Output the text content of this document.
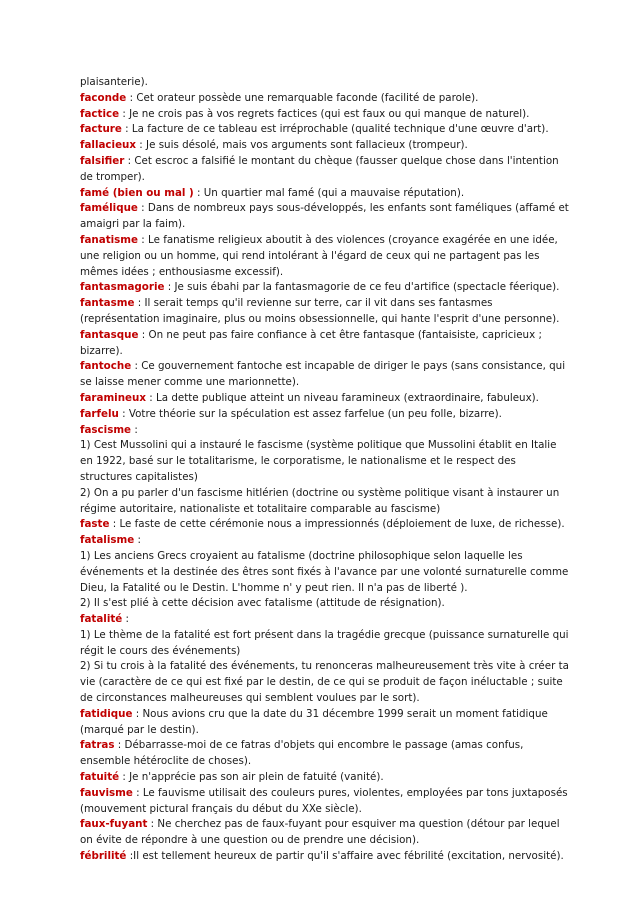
plaisanterie).

faconde : Cet orateur possède une remarquable faconde (facilité de parole).

factice : Je ne crois pas à vos regrets factices (qui est faux ou qui manque de naturel).

facture : La facture de ce tableau est irréprochable (qualité technique d'une œuvre d'art).

fallacieux : Je suis désolé, mais vos arguments sont fallacieux (trompeur).

falsifier : Cet escroc a falsifié le montant du chèque (fausser quelque chose dans l'intention de tromper).

famé (bien ou mal ) : Un quartier mal famé (qui a mauvaise réputation).

famélique : Dans de nombreux pays sous-développés, les enfants sont faméliques (affamé et amaigri par la faim).

fanatisme : Le fanatisme religieux aboutit à des violences (croyance exagérée en une idée, une religion ou un homme, qui rend intolérant à l'égard de ceux qui ne partagent pas les mêmes idées ; enthousiasme excessif).

fantasmagorie : Je suis ébahi par la fantasmagorie de ce feu d'artifice (spectacle féerique).

fantasme : Il serait temps qu'il revienne sur terre, car il vit dans ses fantasmes (représentation imaginaire, plus ou moins obsessionnelle, qui hante l'esprit d'une personne).

fantasque : On ne peut pas faire confiance à cet être fantasque (fantaisiste, capricieux ; bizarre).

fantoche : Ce gouvernement fantoche est incapable de diriger le pays (sans consistance, qui se laisse mener comme une marionnette).

faramineux : La dette publique atteint un niveau faramineux (extraordinaire, fabuleux).

farfelu : Votre théorie sur la spéculation est assez farfelue (un peu folle, bizarre).

fascisme :

1) Cest Mussolini qui a instauré le fascisme (système politique que Mussolini établit en Italie en 1922, basé sur le totalitarisme, le corporatisme, le nationalisme et le respect des structures capitalistes)

2) On a pu parler d'un fascisme hitlérien (doctrine ou système politique visant à instaurer un régime autoritaire, nationaliste et totalitaire comparable au fascisme)

faste : Le faste de cette cérémonie nous a impressionnés (déploiement de luxe, de richesse).

fatalisme :

1) Les anciens Grecs croyaient au fatalisme (doctrine philosophique selon laquelle les événements et la destinée des êtres sont fixés à l'avance par une volonté surnaturelle comme Dieu, la Fatalité ou le Destin. L'homme n' y peut rien. Il n'a pas de liberté ).

2) Il s'est plié à cette décision avec fatalisme (attitude de résignation).

fatalité :

1) Le thème de la fatalité est fort présent dans la tragédie grecque (puissance surnaturelle qui régit le cours des événements)

2) Si tu crois à la fatalité des événements, tu renonceras malheureusement très vite à créer ta vie (caractère de ce qui est fixé par le destin, de ce qui se produit de façon inéluctable ; suite de circonstances malheureuses qui semblent voulues par le sort).

fatidique : Nous avions cru que la date du 31 décembre 1999 serait un moment fatidique (marqué par le destin).

fatras : Débarrasse-moi de ce fatras d'objets qui encombre le passage (amas confus, ensemble hétéroclite de choses).

fatuité : Je n'apprécie pas son air plein de fatuité (vanité).

fauvisme : Le fauvisme utilisait des couleurs pures, violentes, employées par tons juxtaposés (mouvement pictural français du début du XXe siècle).

faux-fuyant : Ne cherchez pas de faux-fuyant pour esquiver ma question (détour par lequel on évite de répondre à une question ou de prendre une décision).

fébrilité :Il est tellement heureux de partir qu'il s'affaire avec fébrilité (excitation, nervosité).
